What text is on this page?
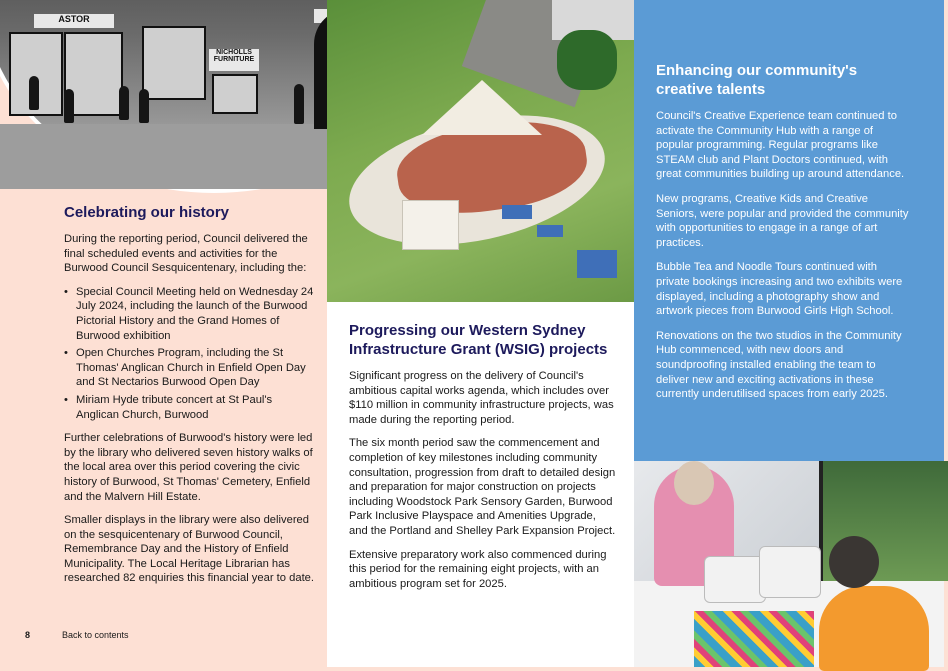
ASTOR
NICHOLLS FURNITURE
Celebrating our history

During the reporting period, Council delivered the final scheduled events and activities for the Burwood Council Sesquicentenary, including the:

• Special Council Meeting held on Wednesday 24 July 2024, including the launch of the Burwood Pictorial History and the Grand Homes of Burwood exhibition
• Open Churches Program, including the St Thomas' Anglican Church in Enfield Open Day and St Nectarios Burwood Open Day
• Miriam Hyde tribute concert at St Paul's Anglican Church, Burwood

Further celebrations of Burwood's history were led by the library who delivered seven history walks of the local area over this period covering the civic history of Burwood, St Thomas' Cemetery, Enfield and the Malvern Hill Estate.

Smaller displays in the library were also delivered on the sesquicentenary of Burwood Council, Remembrance Day and the History of Enfield Municipality. The Local Heritage Librarian has researched 82 enquiries this financial year to date.

8	Back to contents
Progressing our Western Sydney Infrastructure Grant (WSIG) projects

Significant progress on the delivery of Council's ambitious capital works agenda, which includes over $110 million in community infrastructure projects, was made during the reporting period.

The six month period saw the commencement and completion of key milestones including community consultation, progression from draft to detailed design and preparation for major construction on projects including Woodstock Park Sensory Garden, Burwood Park Inclusive Playspace and Amenities Upgrade, and the Portland and Shelley Park Expansion Project.

Extensive preparatory work also commenced during this period for the remaining eight projects, with an ambitious program set for 2025.

Enhancing our community's creative talents

Council's Creative Experience team continued to activate the Community Hub with a range of popular programming. Regular programs like STEAM club and Plant Doctors continued, with great communities building up around attendance.

New programs, Creative Kids and Creative Seniors, were popular and provided the community with opportunities to engage in a range of art practices.

Bubble Tea and Noodle Tours continued with private bookings increasing and two exhibits were displayed, including a photography show and artwork pieces from Burwood Girls High School.

Renovations on the two studios in the Community Hub commenced, with new doors and soundproofing installed enabling the team to deliver new and exciting activations in these currently underutilised spaces from early 2025.
